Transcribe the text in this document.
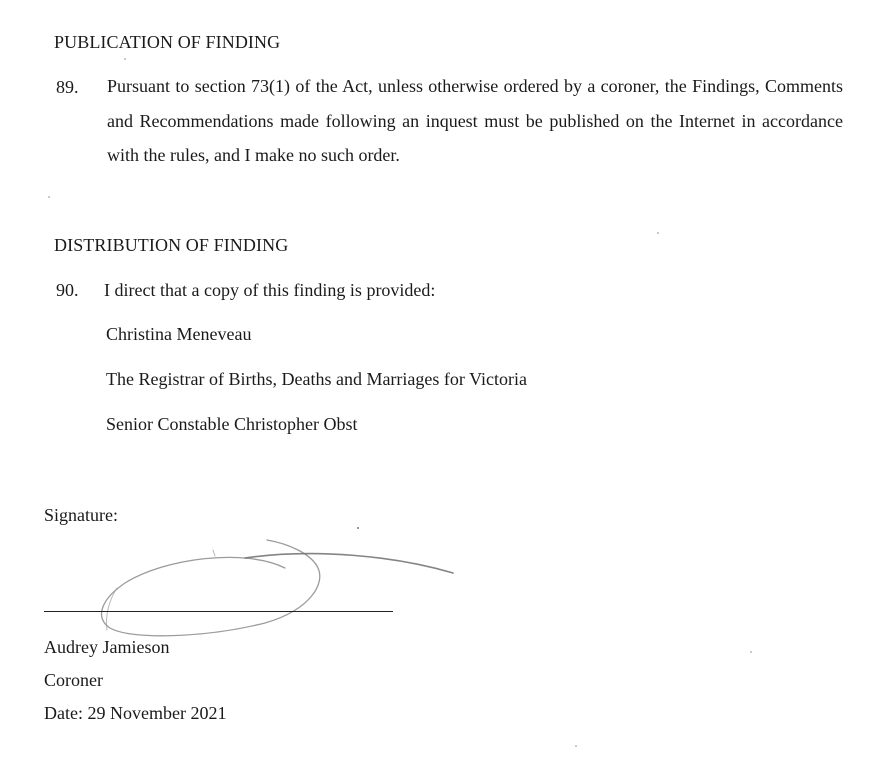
PUBLICATION OF FINDING
89. Pursuant to section 73(1) of the Act, unless otherwise ordered by a coroner, the Findings, Comments and Recommendations made following an inquest must be published on the Internet in accordance with the rules, and I make no such order.
DISTRIBUTION OF FINDING
90. I direct that a copy of this finding is provided:
Christina Meneveau
The Registrar of Births, Deaths and Marriages for Victoria
Senior Constable Christopher Obst
Signature:
Audrey Jamieson
Coroner
Date: 29 November 2021
